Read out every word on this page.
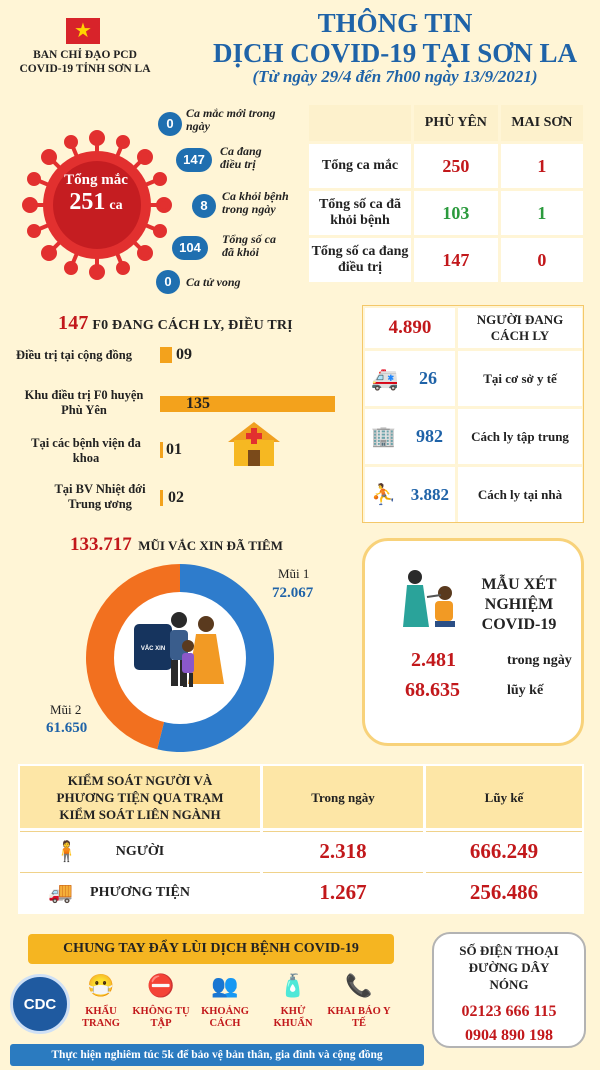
★
BAN CHỈ ĐẠO PCD
COVID-19 TỈNH SƠN LA
THÔNG TIN
DỊCH COVID-19 TẠI SƠN LA
(Từ ngày 29/4 đến 7h00 ngày 13/9/2021)
Tổng mắc
251 ca
0
Ca mắc mới trong ngày
147
Ca đang điều trị
8
Ca khỏi bệnh trong ngày
104
Tổng số ca đã khỏi
0	Ca tử vong
	PHÙ YÊN	MAI SƠN
Tổng ca mắc	250	1
Tổng số ca đã khỏi bệnh	103	1
Tổng số ca đang điều trị	147	0
147 F0 ĐANG CÁCH LY, ĐIỀU TRỊ
Điều trị tại cộng đồng	09
Khu điều trị F0 huyện Phù Yên	135
Tại các bệnh viện đa khoa	01
Tại BV Nhiệt đới Trung ương	02
4.890	NGƯỜI ĐANG CÁCH LY
🚑 26	Tại cơ sở y tế
🏢 982	Cách ly tập trung
⛹ 3.882	Cách ly tại nhà
133.717 MŨI VẮC XIN ĐÃ TIÊM
VẮC XIN
Mũi 1
72.067
Mũi 2
61.650
MẪU XÉT NGHIỆM COVID-19
2.481	trong ngày
68.635	lũy kế
KIỂM SOÁT NGƯỜI VÀ PHƯƠNG TIỆN QUA TRẠM KIỂM SOÁT LIÊN NGÀNH
Trong ngày	Lũy kế
🧍	NGƯỜI	2.318	666.249
🚚 PHƯƠNG TIỆN	1.267	256.486
CHUNG TAY ĐẨY LÙI DỊCH BỆNH COVID-19
CDC
😷
KHẨU TRANG
⛔
KHÔNG TỤ TẬP
👥
KHOẢNG CÁCH
🧴
KHỬ KHUẨN
📞
KHAI BÁO Y TẾ
Thực hiện nghiêm túc 5k để bảo vệ bản thân, gia đình và cộng đồng
SỐ ĐIỆN THOẠI ĐƯỜNG DÂY NÓNG
02123 666 115
0904 890 198
